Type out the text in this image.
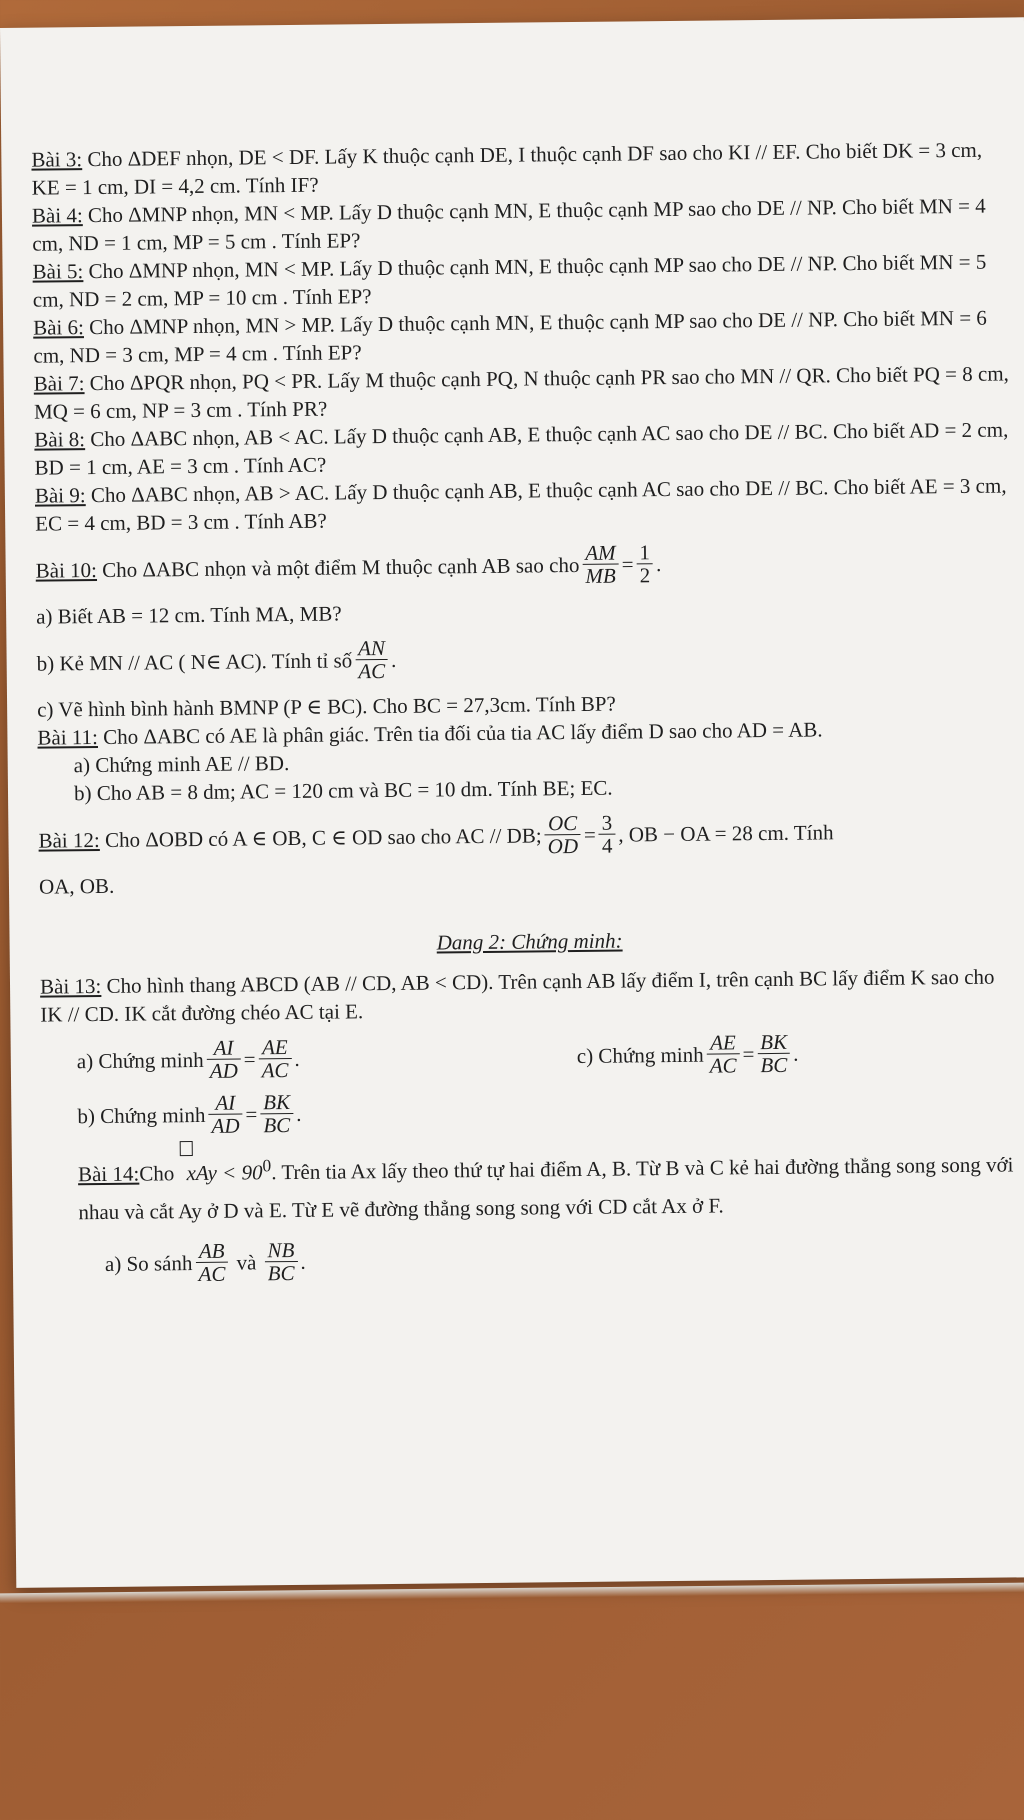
Bài 3: Cho ΔDEF nhọn, DE < DF. Lấy K thuộc cạnh DE, I thuộc cạnh DF sao cho KI // EF. Cho biết DK = 3 cm, KE = 1 cm, DI = 4,2 cm. Tính IF?

Bài 4: Cho ΔMNP nhọn, MN < MP. Lấy D thuộc cạnh MN, E thuộc cạnh MP sao cho DE // NP. Cho biết MN = 4 cm, ND = 1 cm, MP = 5 cm . Tính EP?

Bài 5: Cho ΔMNP nhọn, MN < MP. Lấy D thuộc cạnh MN, E thuộc cạnh MP sao cho DE // NP. Cho biết MN = 5 cm, ND = 2 cm, MP = 10 cm . Tính EP?

Bài 6: Cho ΔMNP nhọn, MN > MP. Lấy D thuộc cạnh MN, E thuộc cạnh MP sao cho DE // NP. Cho biết MN = 6 cm, ND = 3 cm, MP = 4 cm . Tính EP?

Bài 7: Cho ΔPQR nhọn, PQ < PR. Lấy M thuộc cạnh PQ, N thuộc cạnh PR sao cho MN // QR. Cho biết PQ = 8 cm, MQ = 6 cm, NP = 3 cm . Tính PR?

Bài 8: Cho ΔABC nhọn, AB < AC. Lấy D thuộc cạnh AB, E thuộc cạnh AC sao cho DE // BC. Cho biết AD = 2 cm, BD = 1 cm, AE = 3 cm . Tính AC?

Bài 9: Cho ΔABC nhọn, AB > AC. Lấy D thuộc cạnh AB, E thuộc cạnh AC sao cho DE // BC. Cho biết AE = 3 cm, EC = 4 cm, BD = 3 cm . Tính AB?

Bài 10: Cho ΔABC nhọn và một điểm M thuộc cạnh AB sao cho $\frac{AM}{MB} = \frac{1}{2}$ .

a) Biết AB = 12 cm. Tính MA, MB?

b) Kẻ MN // AC ( N∈ AC). Tính tỉ số $\frac{AN}{AC}$ .

c) Vẽ hình bình hành BMNP (P ∈ BC). Cho BC = 27,3cm. Tính BP?

Bài 11: Cho ΔABC có AE là phân giác. Trên tia đối của tia AC lấy điểm D sao cho AD = AB.

a) Chứng minh AE // BD.

b) Cho AB = 8 dm; AC = 120 cm và BC = 10 dm. Tính BE; EC.

Bài 12: Cho ΔOBD có A ∈ OB, C ∈ OD sao cho AC // DB; $\frac{OC}{OD} = \frac{3}{4}$ , OB − OA = 28 cm. Tính

OA, OB.

Dang 2: Chứng minh:

Bài 13: Cho hình thang ABCD (AB // CD, AB < CD). Trên cạnh AB lấy điểm I, trên cạnh BC lấy điểm K sao cho IK // CD. IK cắt đường chéo AC tại E.

a) Chứng minh $\frac{AI}{AD} = \frac{AE}{AC}$ .	c) Chứng minh $\frac{AE}{AC} = \frac{BK}{BC}$ .
b) Chứng minh $\frac{AI}{AD} = \frac{BK}{BC}$ .

Bài 14:Cho xAy < $90^0$. Trên tia Ax lấy theo thứ tự hai điểm A, B. Từ B và C kẻ hai đường thẳng song song với nhau và cắt Ay ở D và E. Từ E vẽ đường thẳng song song với CD cắt Ax ở F.

a) So sánh $\frac{AB}{AC}$ và $\frac{NB}{BC}$ .
